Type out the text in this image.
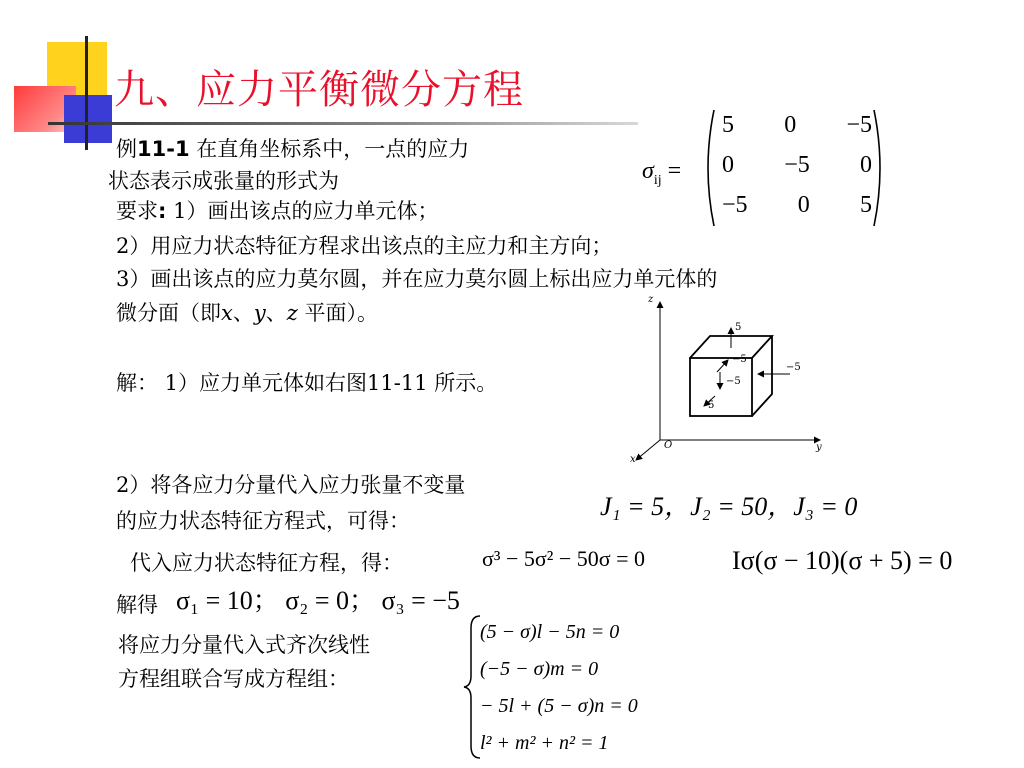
九、应力平衡微分方程
例11-1 在直角坐标系中，一点的应力
状态表示成张量的形式为	$\sigma_{ij}$ =
5 0 −5
0 −5 0
−5 0 5
要求: 1）画出该点的应力单元体；
2）用应力状态特征方程求出该点的主应力和主方向；
3）画出该点的应力莫尔圆，并在应力莫尔圆上标出应力单元体的
微分面（即x、y、z 平面）。
解： 1）应力单元体如右图11-11 所示。
z
x
y
O
5
−5
−5
−5
5
2）将各应力分量代入应力张量不变量
的应力状态特征方程式，可得：	J₁ = 5，J₂ = 50，J₃ = 0
代入应力状态特征方程，得：	σ³ − 5σ² − 50σ = 0	Iσ(σ − 10)(σ + 5) = 0
解得 σ₁ = 10； σ₂ = 0； σ₃ = −5
将应力分量代入式齐次线性
方程组联合写成方程组：
(5 − σ)l − 5n = 0
(−5 − σ)m = 0
− 5l + (5 − σ)n = 0
l² + m² + n² = 1
